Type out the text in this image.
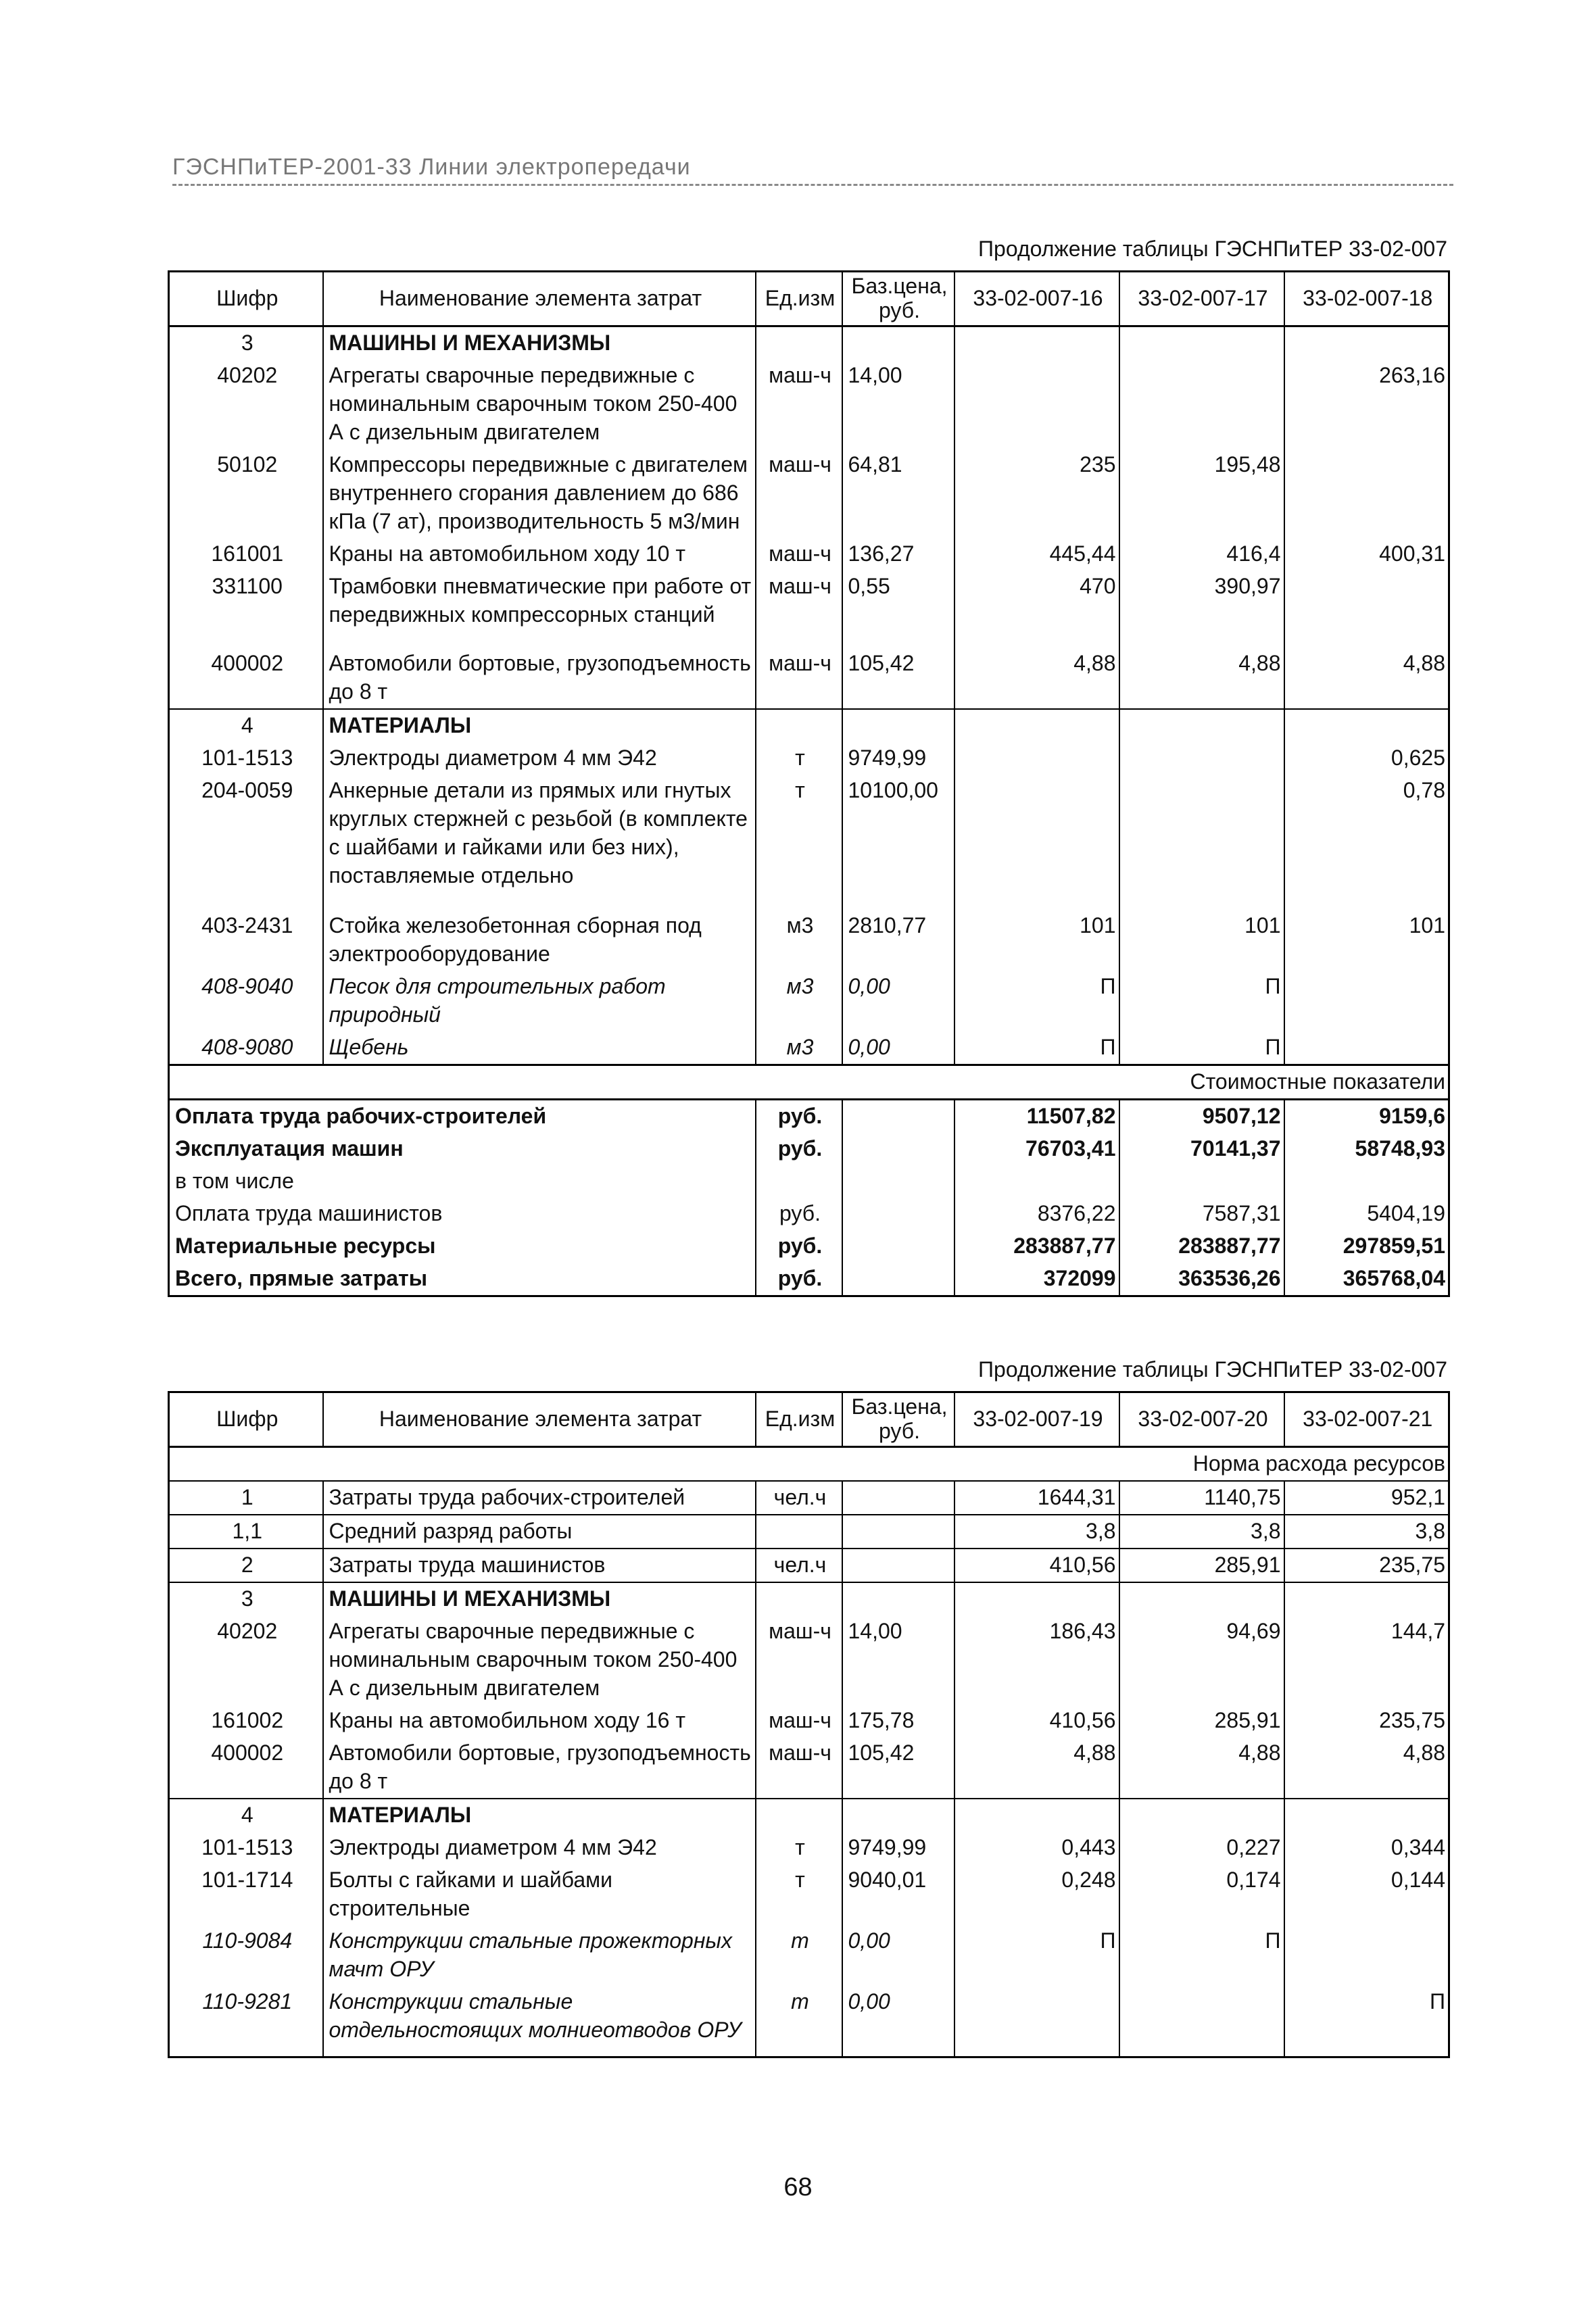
ГЭСНПиТЕР-2001-33 Линии электропередачи
Продолжение таблицы ГЭСНПиТЕР 33-02-007
Шифр	Наименование элемента затрат	Ед.изм	Баз.цена, руб.	33-02-007-16	33-02-007-17	33-02-007-18
3	МАШИНЫ И МЕХАНИЗМЫ					
40202	Агрегаты сварочные передвижные с номинальным сварочным током 250-400 А с дизельным двигателем	маш-ч	14,00			263,16
50102	Компрессоры передвижные с двигателем внутреннего сгорания давлением до 686 кПа (7 ат), производительность 5 м3/мин	маш-ч	64,81	235	195,48	
161001	Краны на автомобильном ходу 10 т	маш-ч	136,27	445,44	416,4	400,31
331100	Трамбовки пневматические при работе от передвижных компрессорных станций	маш-ч	0,55	470	390,97	
400002	Автомобили бортовые, грузоподъемность до 8 т	маш-ч	105,42	4,88	4,88	4,88
4	МАТЕРИАЛЫ					
101-1513	Электроды диаметром 4 мм Э42	т	9749,99			0,625
204-0059	Анкерные детали из прямых или гнутых круглых стержней с резьбой (в комплекте с шайбами и гайками или без них), поставляемые отдельно	т	10100,00			0,78
403-2431	Стойка железобетонная сборная под электрооборудование	м3	2810,77	101	101	101
408-9040	Песок для строительных работ природный	м3	0,00	П	П	
408-9080	Щебень	м3	0,00	П	П	
Стоимостные показатели						
Оплата труда рабочих-строителей		руб.		11507,82	9507,12	9159,6
Эксплуатация машин		руб.		76703,41	70141,37	58748,93
в том числе						
Оплата труда машинистов		руб.		8376,22	7587,31	5404,19
Материальные ресурсы		руб.		283887,77	283887,77	297859,51
Всего, прямые затраты		руб.		372099	363536,26	365768,04
Продолжение таблицы ГЭСНПиТЕР 33-02-007
Шифр	Наименование элемента затрат	Ед.изм	Баз.цена, руб.	33-02-007-19	33-02-007-20	33-02-007-21
Норма расхода ресурсов						
1	Затраты труда рабочих-строителей	чел.ч		1644,31	1140,75	952,1
1,1	Средний разряд работы			3,8	3,8	3,8
2	Затраты труда машинистов	чел.ч		410,56	285,91	235,75
3	МАШИНЫ И МЕХАНИЗМЫ					
40202	Агрегаты сварочные передвижные с номинальным сварочным током 250-400 А с дизельным двигателем	маш-ч	14,00	186,43	94,69	144,7
161002	Краны на автомобильном ходу 16 т	маш-ч	175,78	410,56	285,91	235,75
400002	Автомобили бортовые, грузоподъемность до 8 т	маш-ч	105,42	4,88	4,88	4,88
4	МАТЕРИАЛЫ					
101-1513	Электроды диаметром 4 мм Э42	т	9749,99	0,443	0,227	0,344
101-1714	Болты с гайками и шайбами строительные	т	9040,01	0,248	0,174	0,144
110-9084	Конструкции стальные прожекторных мачт ОРУ	т	0,00	П	П	
110-9281	Конструкции стальные отдельностоящих молниеотводов ОРУ	т	0,00			П
68
